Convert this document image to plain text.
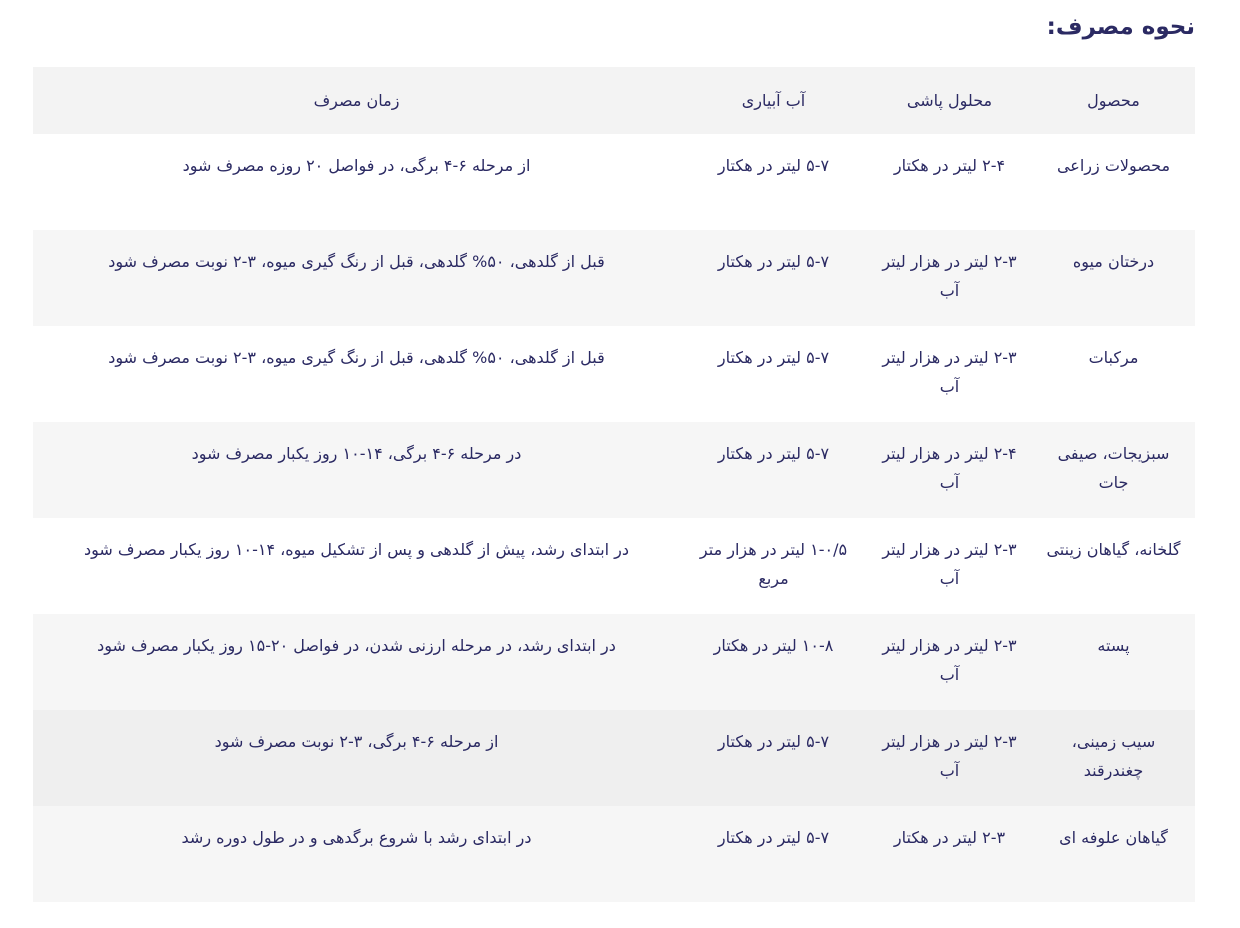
نحوه مصرف:
محصول	محلول پاشی	آب آبیاری	زمان مصرف
محصولات زراعی	۲-۴ لیتر در هکتار	۵-۷ لیتر در هکتار	از مرحله ۶-۴ برگی، در فواصل ۲۰ روزه مصرف شود
درختان میوه	۲-۳ لیتر در هزار لیتر آب	۵-۷ لیتر در هکتار	قبل از گلدهی، ۵۰% گلدهی، قبل از رنگ گیری میوه، ۳-۲ نوبت مصرف شود
مرکبات	۲-۳ لیتر در هزار لیتر آب	۵-۷ لیتر در هکتار	قبل از گلدهی، ۵۰% گلدهی، قبل از رنگ گیری میوه، ۳-۲ نوبت مصرف شود
سبزیجات، صیفی جات	۲-۴ لیتر در هزار لیتر آب	۵-۷ لیتر در هکتار	در مرحله ۶-۴ برگی، ۱۴-۱۰ روز یکبار مصرف شود
گلخانه، گیاهان زینتی	۲-۳ لیتر در هزار لیتر آب	۱-۰/۵ لیتر در هزار متر مربع	در ابتدای رشد، پیش از گلدهی و پس از تشکیل میوه، ۱۴-۱۰ روز یکبار مصرف شود
پسته	۲-۳ لیتر در هزار لیتر آب	۱۰-۸ لیتر در هکتار	در ابتدای رشد، در مرحله ارزنی شدن، در فواصل ۲۰-۱۵ روز یکبار مصرف شود
سیب زمینی، چغندرقند	۲-۳ لیتر در هزار لیتر آب	۵-۷ لیتر در هکتار	از مرحله ۶-۴ برگی، ۳-۲ نوبت مصرف شود
گیاهان علوفه ای	۲-۳ لیتر در هکتار	۵-۷ لیتر در هکتار	در ابتدای رشد با شروع برگدهی و در طول دوره رشد
